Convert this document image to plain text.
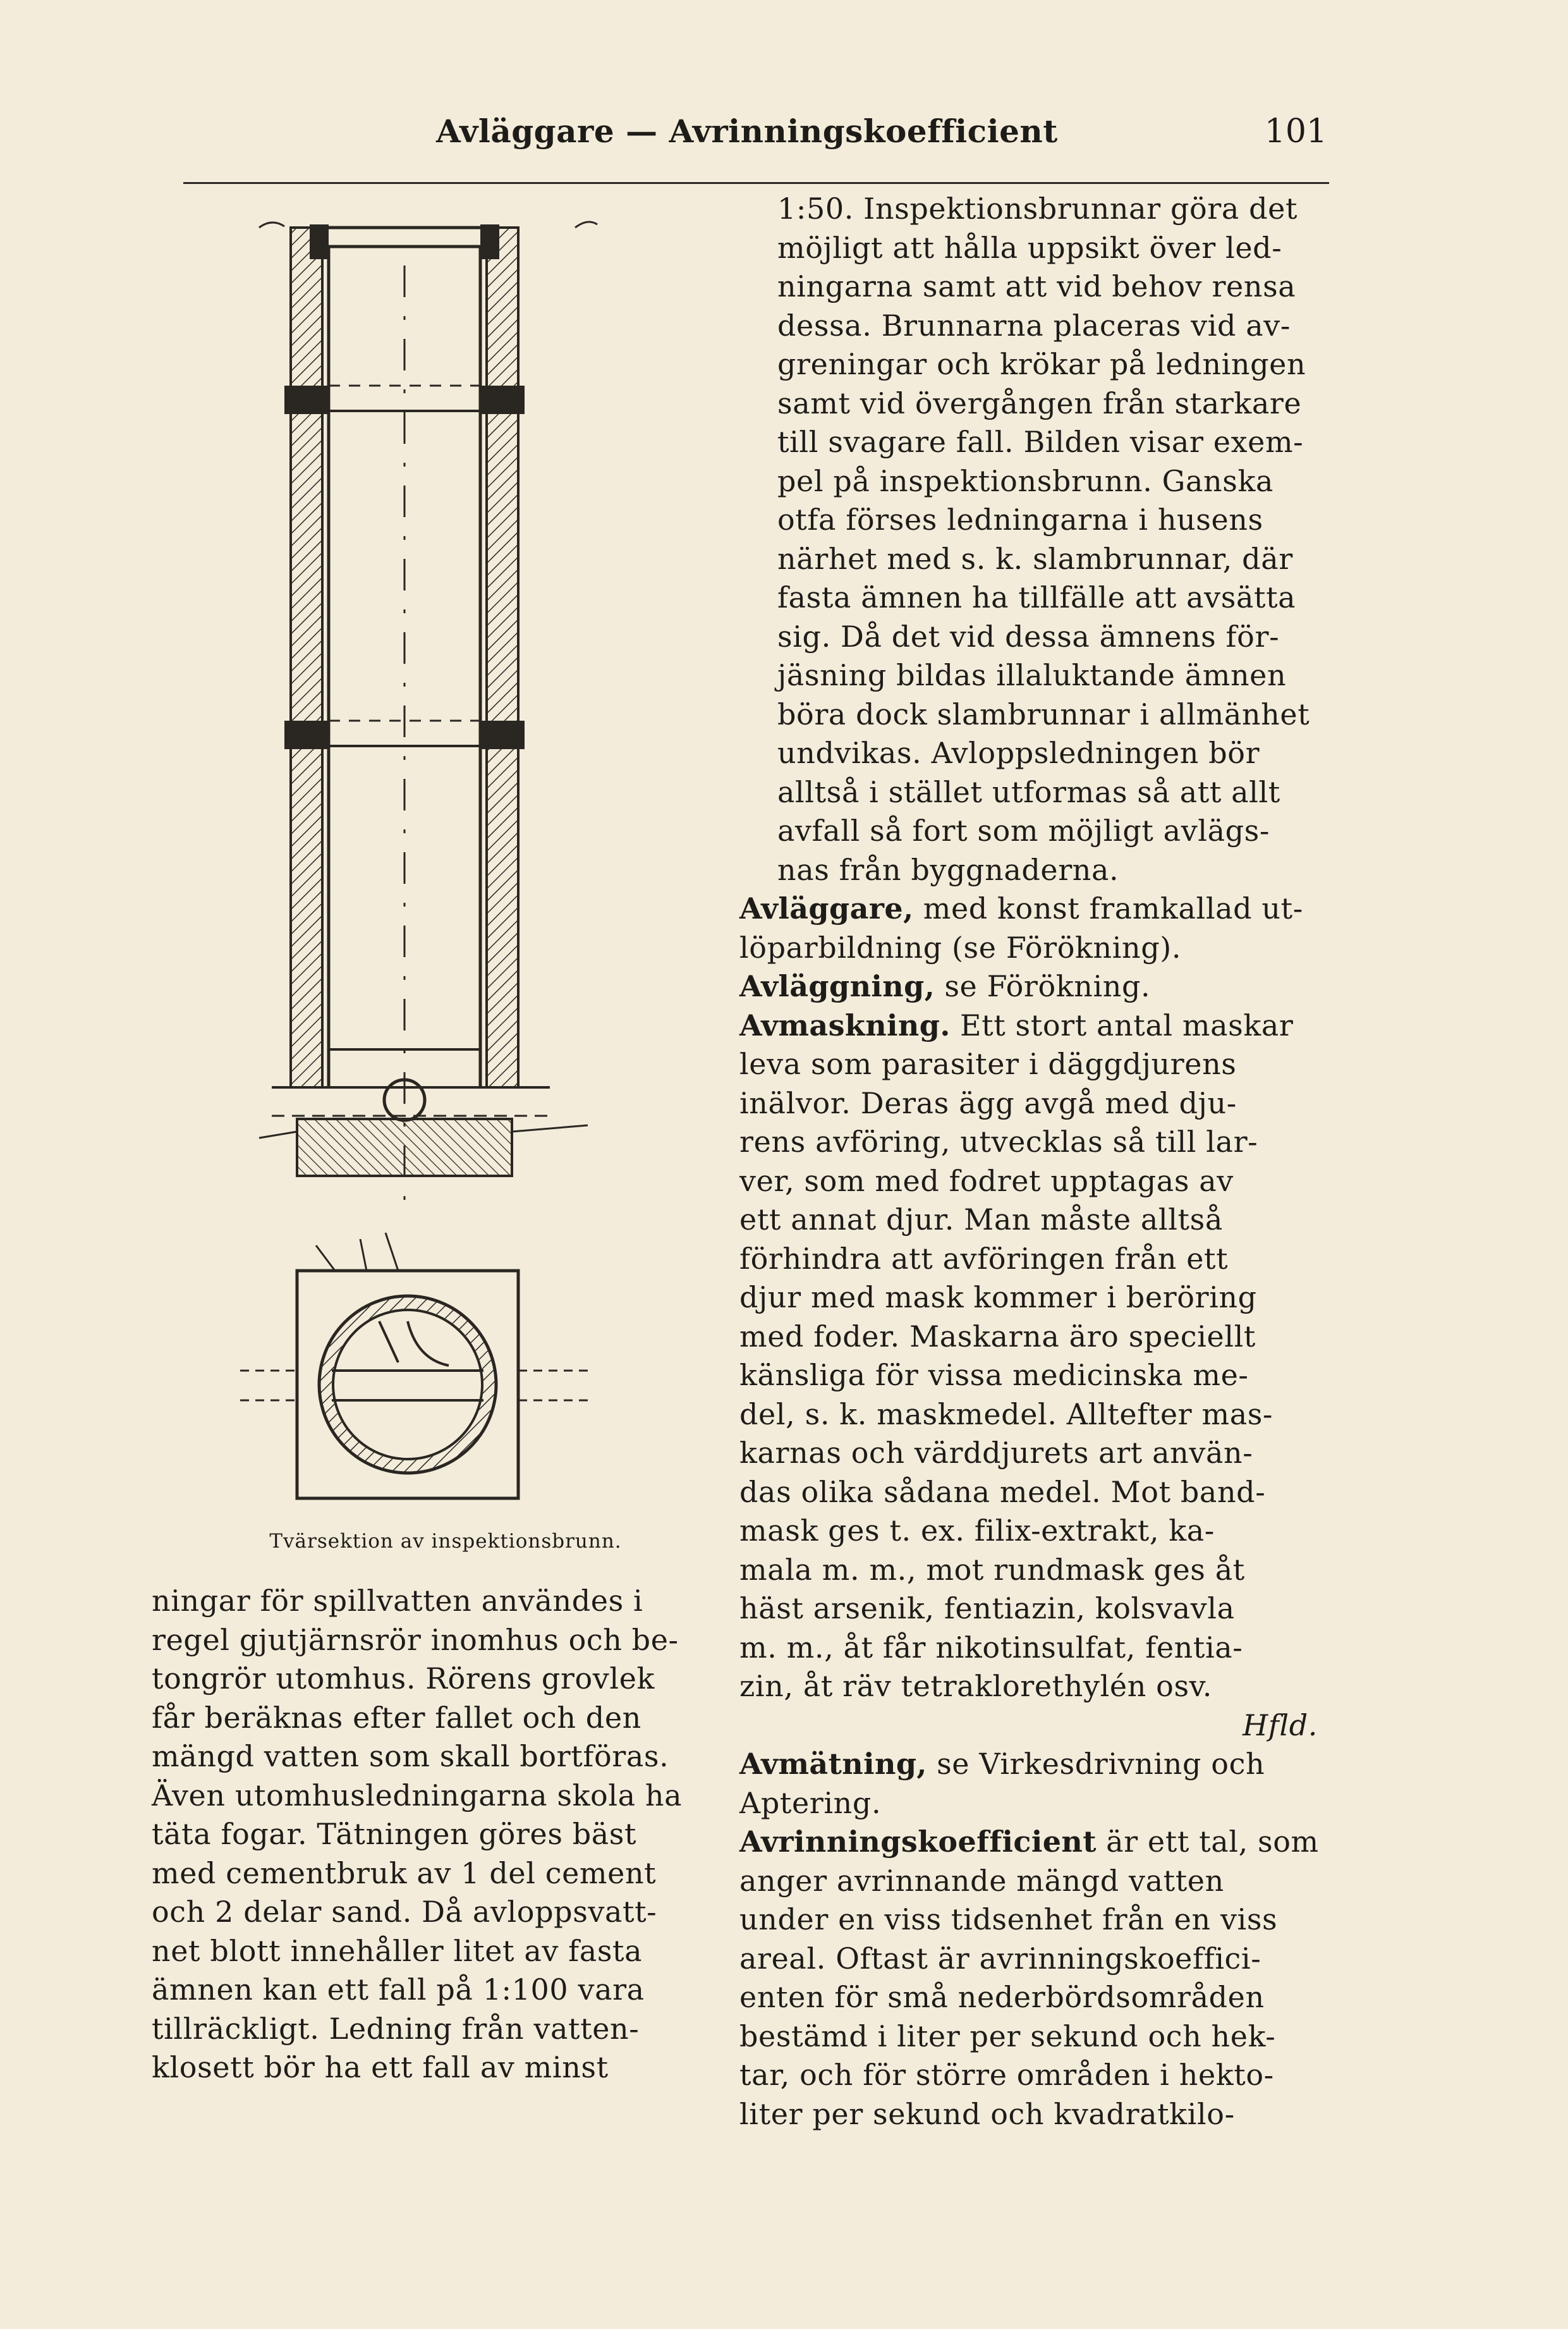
Avläggare — Avrinningskoefficient	101
Tvärsektion av inspektionsbrunn.

ningar för spillvatten användes i
regel gjutjärnsrör inomhus och be-
tongrör utomhus. Rörens grovlek
får beräknas efter fallet och den
mängd vatten som skall bortföras.
Även utomhusledningarna skola ha
täta fogar. Tätningen göres bäst
med cementbruk av 1 del cement
och 2 delar sand. Då avloppsvatt-
net blott innehåller litet av fasta
ämnen kan ett fall på 1:100 vara
tillräckligt. Ledning från vatten-
klosett bör ha ett fall av minst

1:50. Inspektionsbrunnar göra det
möjligt att hålla uppsikt över led-
ningarna samt att vid behov rensa
dessa. Brunnarna placeras vid av-
greningar och krökar på ledningen
samt vid övergången från starkare
till svagare fall. Bilden visar exem-
pel på inspektionsbrunn. Ganska
otfa förses ledningarna i husens
närhet med s. k. slambrunnar, där
fasta ämnen ha tillfälle att avsätta
sig. Då det vid dessa ämnens för-
jäsning bildas illaluktande ämnen
böra dock slambrunnar i allmänhet
undvikas. Avloppsledningen bör
alltså i stället utformas så att allt
avfall så fort som möjligt avlägs-
nas från byggnaderna.

Avläggare, med konst framkallad ut-
löparbildning (se Förökning).

Avläggning, se Förökning.

Avmaskning. Ett stort antal maskar
leva som parasiter i däggdjurens
inälvor. Deras ägg avgå med dju-
rens avföring, utvecklas så till lar-
ver, som med fodret upptagas av
ett annat djur. Man måste alltså
förhindra att avföringen från ett
djur med mask kommer i beröring
med foder. Maskarna äro speciellt
känsliga för vissa medicinska me-
del, s. k. maskmedel. Alltefter mas-
karnas och värddjurets art använ-
das olika sådana medel. Mot band-
mask ges t. ex. filix-extrakt, ka-
mala m. m., mot rundmask ges åt
häst arsenik, fentiazin, kolsvavla
m. m., åt får nikotinsulfat, fentia-
zin, åt räv tetraklorethylén osv.

Hfld.

Avmätning, se Virkesdrivning och
Aptering.

Avrinningskoefficient är ett tal, som
anger avrinnande mängd vatten
under en viss tidsenhet från en viss
areal. Oftast är avrinningskoeffici-
enten för små nederbördsområden
bestämd i liter per sekund och hek-
tar, och för större områden i hekto-
liter per sekund och kvadratkilo-
